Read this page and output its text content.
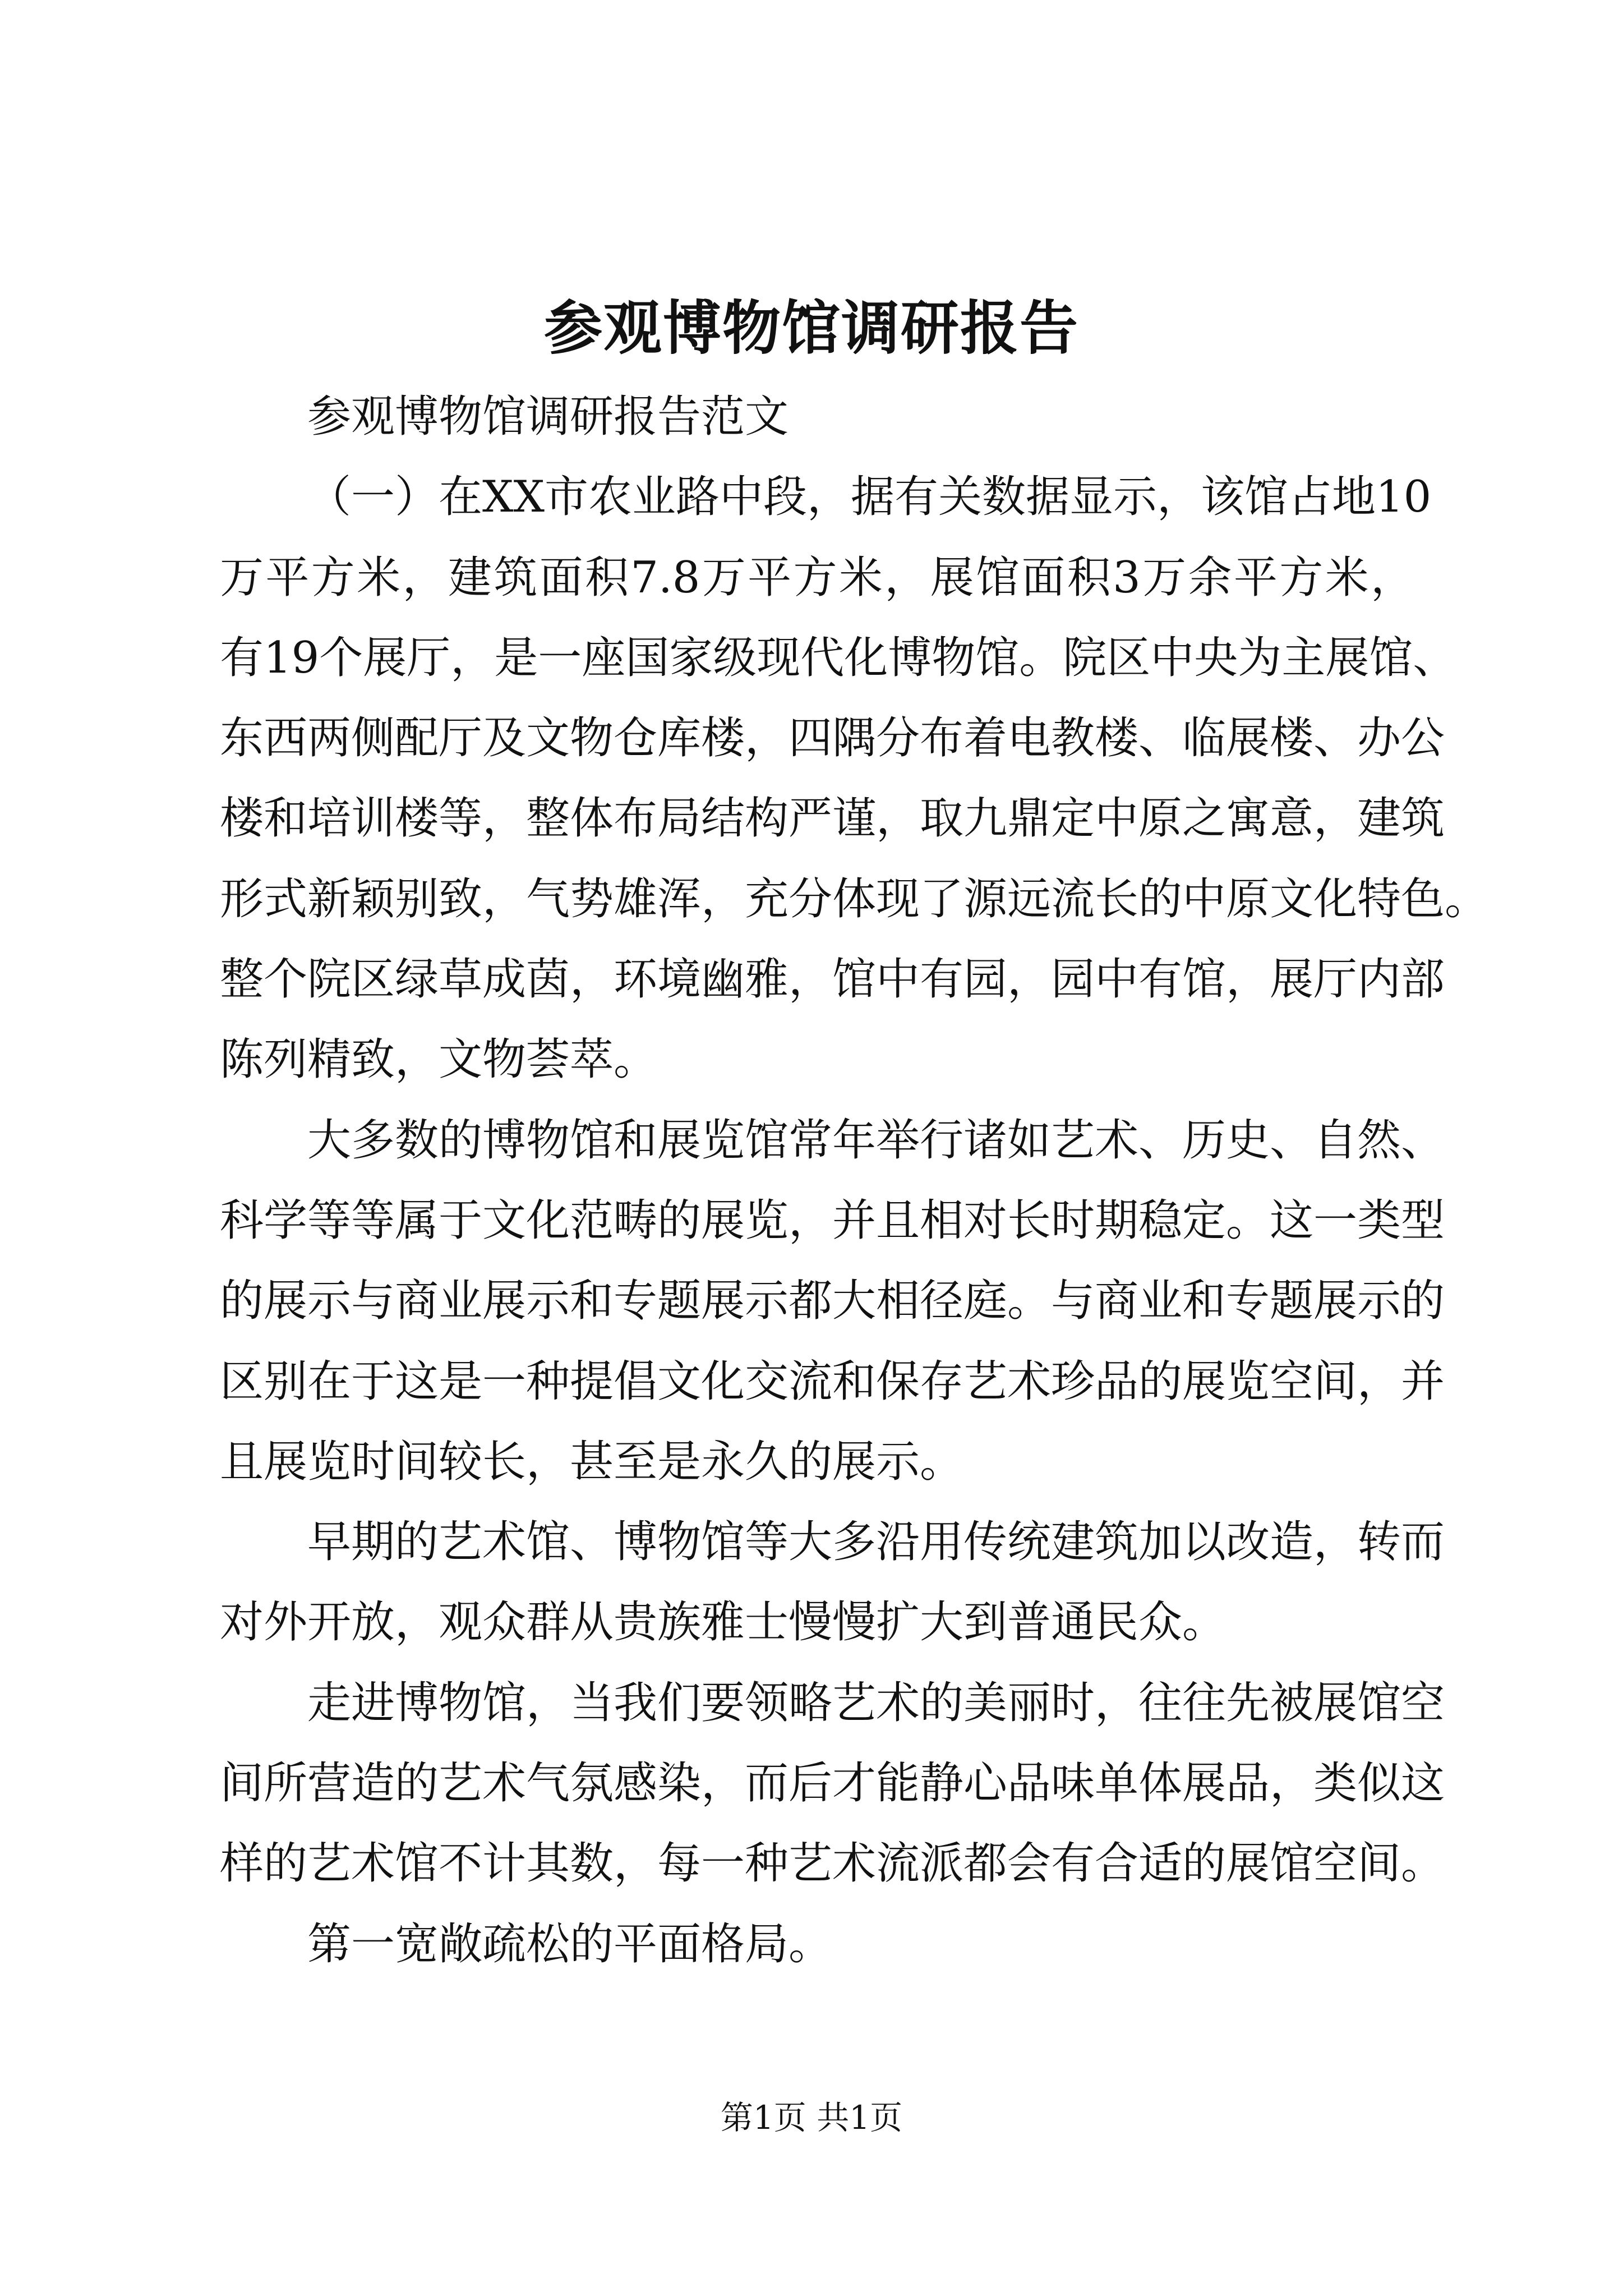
参观博物馆调研报告
参观博物馆调研报告范文
（一）在XX市农业路中段，据有关数据显示，该馆占地10
万平方米，建筑面积7.8万平方米，展馆面积3万余平方米，
有19个展厅，是一座国家级现代化博物馆。院区中央为主展馆、
东西两侧配厅及文物仓库楼，四隅分布着电教楼、临展楼、办公
楼和培训楼等，整体布局结构严谨，取九鼎定中原之寓意，建筑
形式新颖别致，气势雄浑，充分体现了源远流长的中原文化特色。
整个院区绿草成茵，环境幽雅，馆中有园，园中有馆，展厅内部
陈列精致，文物荟萃。
大多数的博物馆和展览馆常年举行诸如艺术、历史、自然、
科学等等属于文化范畴的展览，并且相对长时期稳定。这一类型
的展示与商业展示和专题展示都大相径庭。与商业和专题展示的
区别在于这是一种提倡文化交流和保存艺术珍品的展览空间，并
且展览时间较长，甚至是永久的展示。
早期的艺术馆、博物馆等大多沿用传统建筑加以改造，转而
对外开放，观众群从贵族雅士慢慢扩大到普通民众。
走进博物馆，当我们要领略艺术的美丽时，往往先被展馆空
间所营造的艺术气氛感染，而后才能静心品味单体展品，类似这
样的艺术馆不计其数，每一种艺术流派都会有合适的展馆空间。
第一宽敞疏松的平面格局。
第1页 共1页
